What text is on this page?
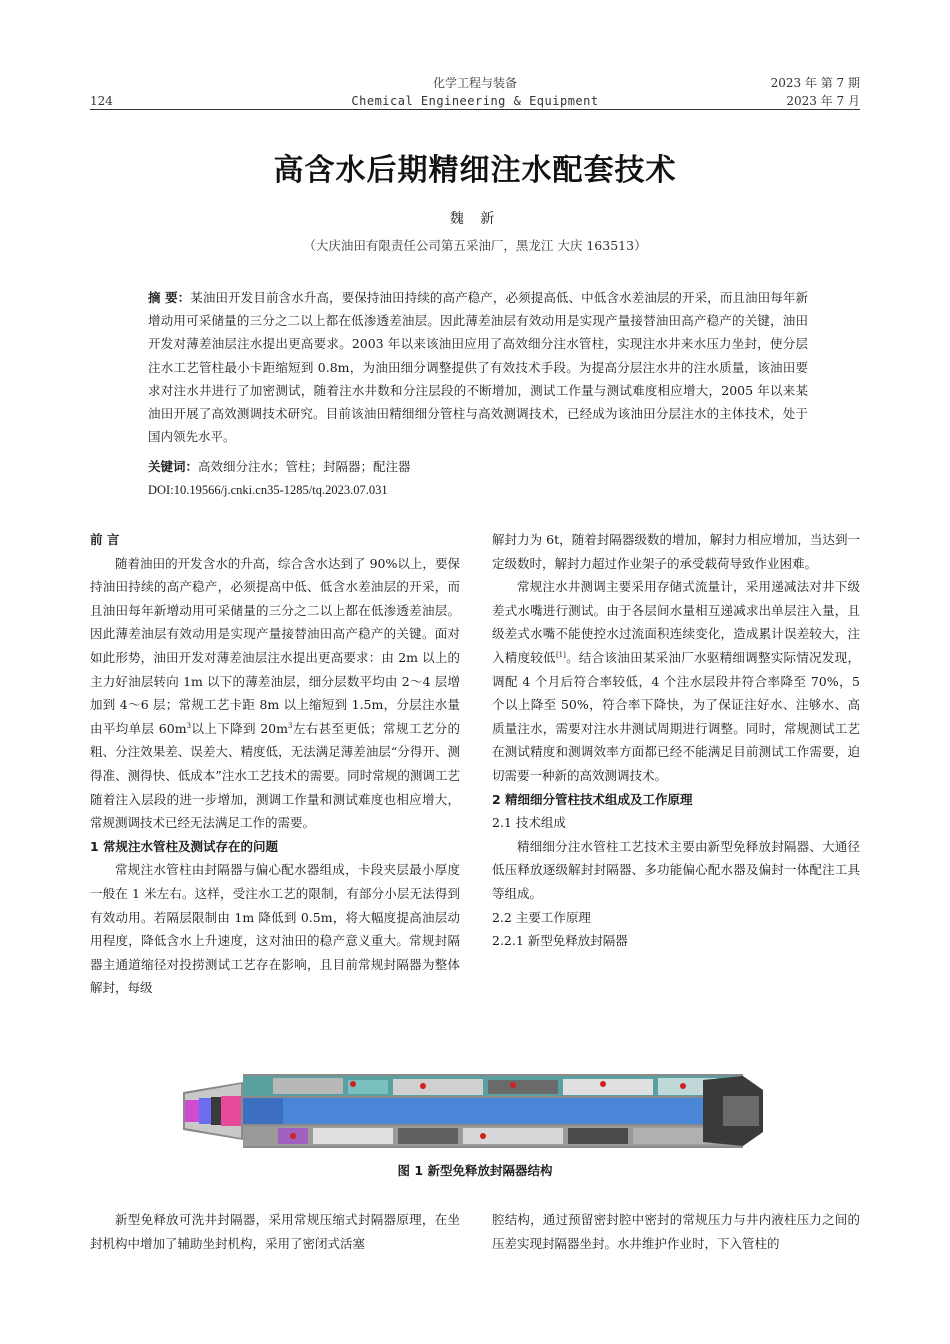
化学工程与装备
Chemical Engineering & Equipment
2023 年 第 7 期
2023 年 7 月
124
高含水后期精细注水配套技术
魏 新
（大庆油田有限责任公司第五采油厂，黑龙江 大庆 163513）
摘 要：某油田开发目前含水升高，要保持油田持续的高产稳产，必须提高低、中低含水差油层的开采，而且油田每年新增动用可采储量的三分之二以上都在低渗透差油层。因此薄差油层有效动用是实现产量接替油田高产稳产的关键，油田开发对薄差油层注水提出更高要求。2003 年以来该油田应用了高效细分注水管柱，实现注水井来水压力坐封，使分层注水工艺管柱最小卡距缩短到 0.8m，为油田细分调整提供了有效技术手段。为提高分层注水井的注水质量，该油田要求对注水井进行了加密测试，随着注水井数和分注层段的不断增加，测试工作量与测试难度相应增大，2005 年以来某油田开展了高效测调技术研究。目前该油田精细细分管柱与高效测调技术，已经成为该油田分层注水的主体技术，处于国内领先水平。
关键词：高效细分注水；管柱；封隔器；配注器
DOI:10.19566/j.cnki.cn35-1285/tq.2023.07.031
前 言

随着油田的开发含水的升高，综合含水达到了 90%以上，要保持油田持续的高产稳产，必须提高中低、低含水差油层的开采，而且油田每年新增动用可采储量的三分之二以上都在低渗透差油层。因此薄差油层有效动用是实现产量接替油田高产稳产的关键。面对如此形势，油田开发对薄差油层注水提出更高要求：由 2m 以上的主力好油层转向 1m 以下的薄差油层，细分层数平均由 2～4 层增加到 4～6 层；常规工艺卡距 8m 以上缩短到 1.5m，分层注水量由平均单层 $60m^3$以上下降到 $20m^3$左右甚至更低；常规工艺分的粗、分注效果差、误差大、精度低，无法满足薄差油层“分得开、测得准、测得快、低成本”注水工艺技术的需要。同时常规的测调工艺随着注入层段的进一步增加，测调工作量和测试难度也相应增大，常规测调技术已经无法满足工作的需要。

1 常规注水管柱及测试存在的问题

常规注水管柱由封隔器与偏心配水器组成，卡段夹层最小厚度一般在 1 米左右。这样，受注水工艺的限制，有部分小层无法得到有效动用。若隔层限制由 1m 降低到 0.5m，将大幅度提高油层动用程度，降低含水上升速度，这对油田的稳产意义重大。常规封隔器主通道缩径对投捞测试工艺存在影响，且目前常规封隔器为整体解封，每级

解封力为 6t，随着封隔器级数的增加，解封力相应增加，当达到一定级数时，解封力超过作业架子的承受载荷导致作业困难。

常规注水井测调主要采用存储式流量计，采用递减法对井下级差式水嘴进行测试。由于各层间水量相互递减求出单层注入量，且级差式水嘴不能使控水过流面积连续变化，造成累计误差较大，注入精度较低[1]。结合该油田某采油厂水驱精细调整实际情况发现，调配 4 个月后符合率较低，4 个注水层段井符合率降至 70%，5 个以上降至 50%，符合率下降快，为了保证注好水、注够水、高质量注水，需要对注水井测试周期进行调整。同时，常规测试工艺在测试精度和测调效率方面都已经不能满足目前测试工作需要，迫切需要一种新的高效测调技术。

2 精细细分管柱技术组成及工作原理
2.1 技术组成

精细细分注水管柱工艺技术主要由新型免释放封隔器、大通径低压释放逐级解封封隔器、多功能偏心配水器及偏封一体配注工具等组成。

2.2 主要工作原理
2.2.1 新型免释放封隔器
图 1 新型免释放封隔器结构

新型免释放可洗井封隔器，采用常规压缩式封隔器原理，在坐封机构中增加了辅助坐封机构，采用了密闭式活塞

腔结构，通过预留密封腔中密封的常规压力与井内液柱压力之间的压差实现封隔器坐封。水井维护作业时，下入管柱的
